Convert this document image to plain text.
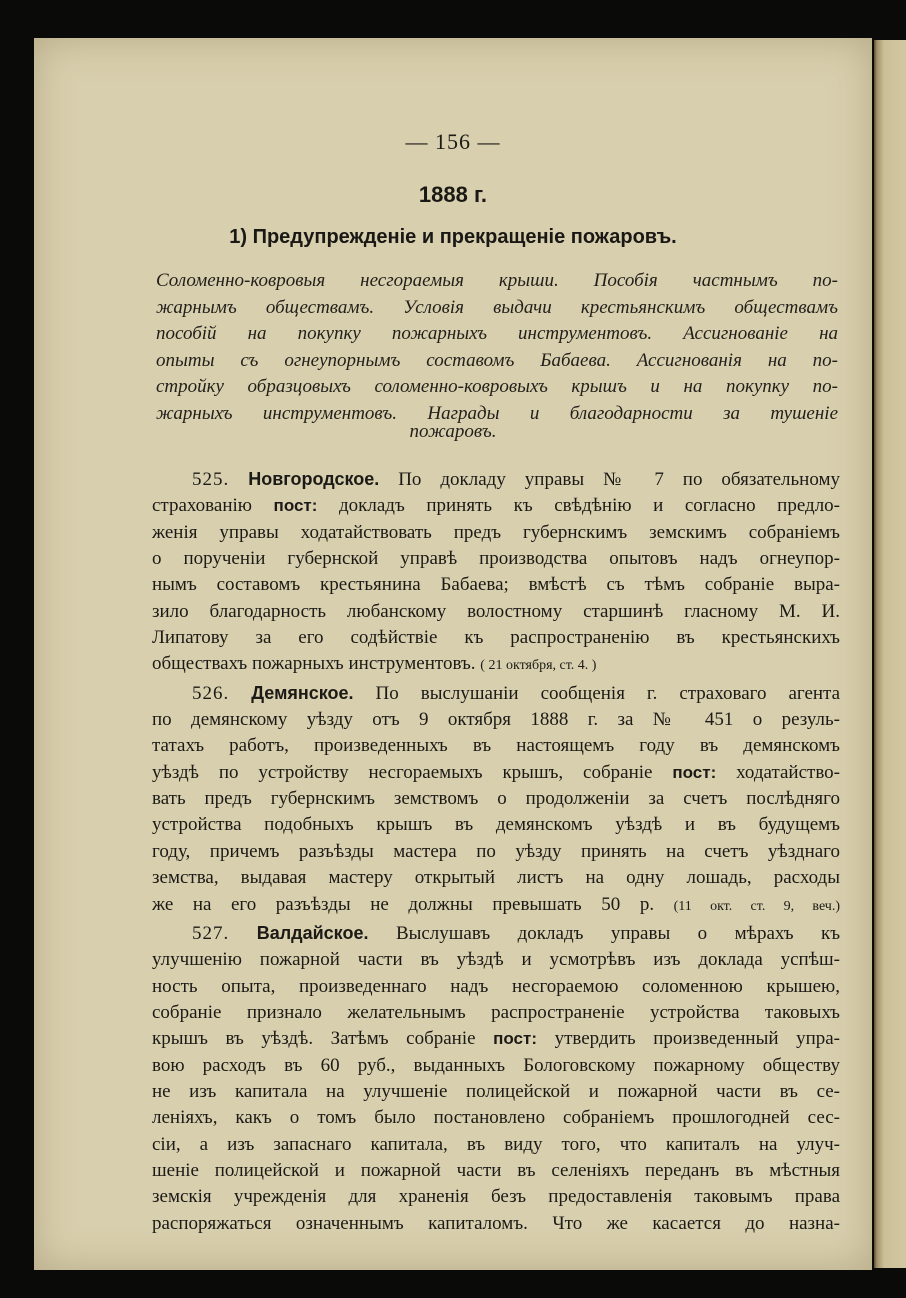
— 156 —
1888 г.
1) Предупрежденіе и прекращеніе пожаровъ.
Соломенно-ковровыя несгораемыя крыши. Пособія частнымъ по-
жарнымъ обществамъ. Условія выдачи крестьянскимъ обществамъ
пособій на покупку пожарныхъ инструментовъ. Ассигнованіе на
опыты съ огнеупорнымъ составомъ Бабаева. Ассигнованія на по-
стройку образцовыхъ соломенно-ковровыхъ крышъ и на покупку по-
жарныхъ инструментовъ. Награды и благодарности за тушеніе
пожаровъ.

525. Новгородское. По докладу управы № 7 по обязательному
страхованію пост: докладъ принять къ свѣдѣнію и согласно предло-
женія управы ходатайствовать предъ губернскимъ земскимъ собраніемъ
о порученіи губернской управѣ производства опытовъ надъ огнеупор-
нымъ составомъ крестьянина Бабаева; вмѣстѣ съ тѣмъ собраніе выра-
зило благодарность любанскому волостному старшинѣ гласному М. И.
Липатову за его содѣйствіе къ распространенію въ крестьянскихъ
обществахъ пожарныхъ инструментовъ. ( 21 октября, ст. 4. )

526. Демянское. По выслушаніи сообщенія г. страховаго агента
по демянскому уѣзду отъ 9 октября 1888 г. за № 451 о резуль-
татахъ работъ, произведенныхъ въ настоящемъ году въ демянскомъ
уѣздѣ по устройству несгораемыхъ крышъ, собраніе пост: ходатайство-
вать предъ губернскимъ земствомъ о продолженіи за счетъ послѣдняго
устройства подобныхъ крышъ въ демянскомъ уѣздѣ и въ будущемъ
году, причемъ разъѣзды мастера по уѣзду принять на счетъ уѣзднаго
земства, выдавая мастеру открытый листъ на одну лошадь, расходы
же на его разъѣзды не должны превышать 50 р. (11 окт. ст. 9, веч.)

527. Валдайское. Выслушавъ докладъ управы о мѣрахъ къ
улучшенію пожарной части въ уѣздѣ и усмотрѣвъ изъ доклада успѣш-
ность опыта, произведеннаго надъ несгораемою соломенною крышею,
собраніе признало желательнымъ распространеніе устройства таковыхъ
крышъ въ уѣздѣ. Затѣмъ собраніе пост: утвердить произведенный упра-
вою расходъ въ 60 руб., выданныхъ Бологовскому пожарному обществу
не изъ капитала на улучшеніе полицейской и пожарной части въ се-
леніяхъ, какъ о томъ было постановлено собраніемъ прошлогодней сес-
сіи, а изъ запаснаго капитала, въ виду того, что капиталъ на улуч-
шеніе полицейской и пожарной части въ селеніяхъ переданъ въ мѣстныя
земскія учрежденія для храненія безъ предоставленія таковымъ права
распоряжаться означеннымъ капиталомъ. Что же касается до назна-
